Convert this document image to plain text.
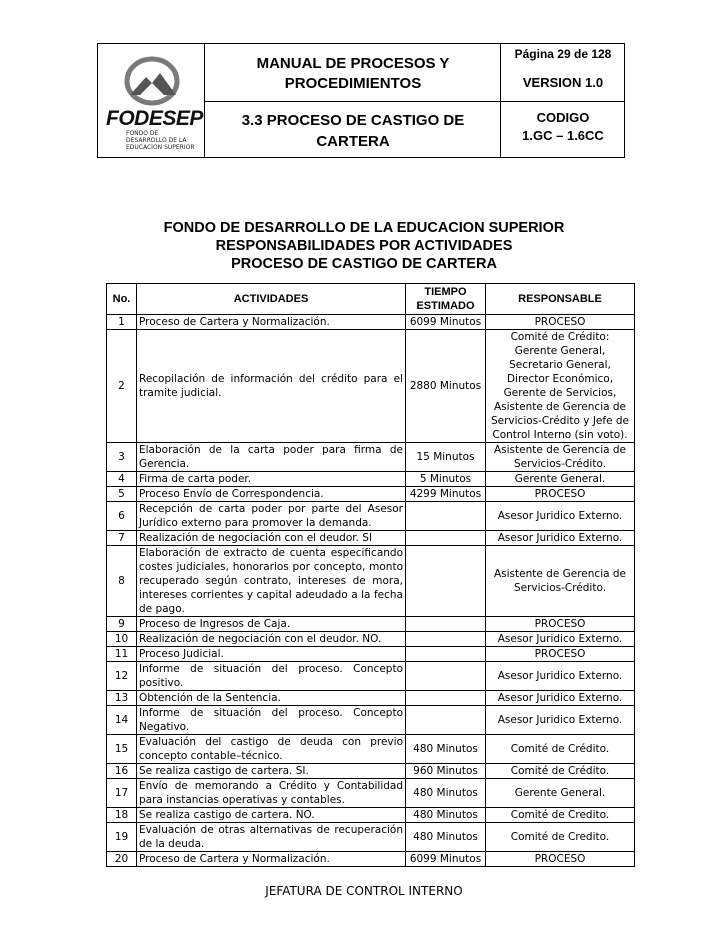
FODESEP
FONDO DE DESARROLLO DE LA EDUCACION SUPERIOR
MANUAL DE PROCESOS Y PROCEDIMIENTOS
3.3 PROCESO DE CASTIGO DE CARTERA
Página 29 de 128
VERSION 1.0
CODIGO
1.GC – 1.6CC
FONDO DE DESARROLLO DE LA EDUCACION SUPERIOR
RESPONSABILIDADES POR ACTIVIDADES
PROCESO DE CASTIGO DE CARTERA
No.	ACTIVIDADES	TIEMPO ESTIMADO	RESPONSABLE
1	Proceso de Cartera y Normalización.	6099 Minutos	PROCESO
2	Recopilación de información del crédito para el tramite judicial.	2880 Minutos	Comité de Crédito: Gerente General, Secretario General, Director Económico, Gerente de Servicios, Asistente de Gerencia de Servicios-Crédito y Jefe de Control Interno (sin voto).
3	Elaboración de la carta poder para firma de Gerencia.	15 Minutos	Asistente de Gerencia de Servicios-Crédito.
4	Firma de carta poder.	5 Minutos	Gerente General.
5	Proceso Envío de Correspondencia.	4299 Minutos	PROCESO
6	Recepción de carta poder por parte del Asesor Jurídico externo para promover la demanda.		Asesor Juridico Externo.
7	Realización de negociación con el deudor. SI		Asesor Juridico Externo.
8	Elaboración de extracto de cuenta especificando costes judiciales, honorarios por concepto, monto recuperado según contrato, intereses de mora, intereses corrientes y capital adeudado a la fecha de pago.		Asistente de Gerencia de Servicios-Crédito.
9	Proceso de Ingresos de Caja.		PROCESO
10	Realización de negociación con el deudor. NO.		Asesor Juridico Externo.
11	Proceso Judicial.		PROCESO
12	Informe de situación del proceso. Concepto positivo.		Asesor Juridico Externo.
13	Obtención de la Sentencia.		Asesor Juridico Externo.
14	Informe de situación del proceso. Concepto Negativo.		Asesor Juridico Externo.
15	Evaluación del castigo de deuda con previo concepto contable–técnico.	480 Minutos	Comité de Crédito.
16	Se realiza castigo de cartera. SI.	960 Minutos	Comité de Crédito.
17	Envío de memorando a Crédito y Contabilidad para instancias operativas y contables.	480 Minutos	Gerente General.
18	Se realiza castigo de cartera. NO.	480 Minutos	Comité de Credito.
19	Evaluación de otras alternativas de recuperación de la deuda.	480 Minutos	Comité de Credito.
20	Proceso de Cartera y Normalización.	6099 Minutos	PROCESO
JEFATURA DE CONTROL INTERNO
